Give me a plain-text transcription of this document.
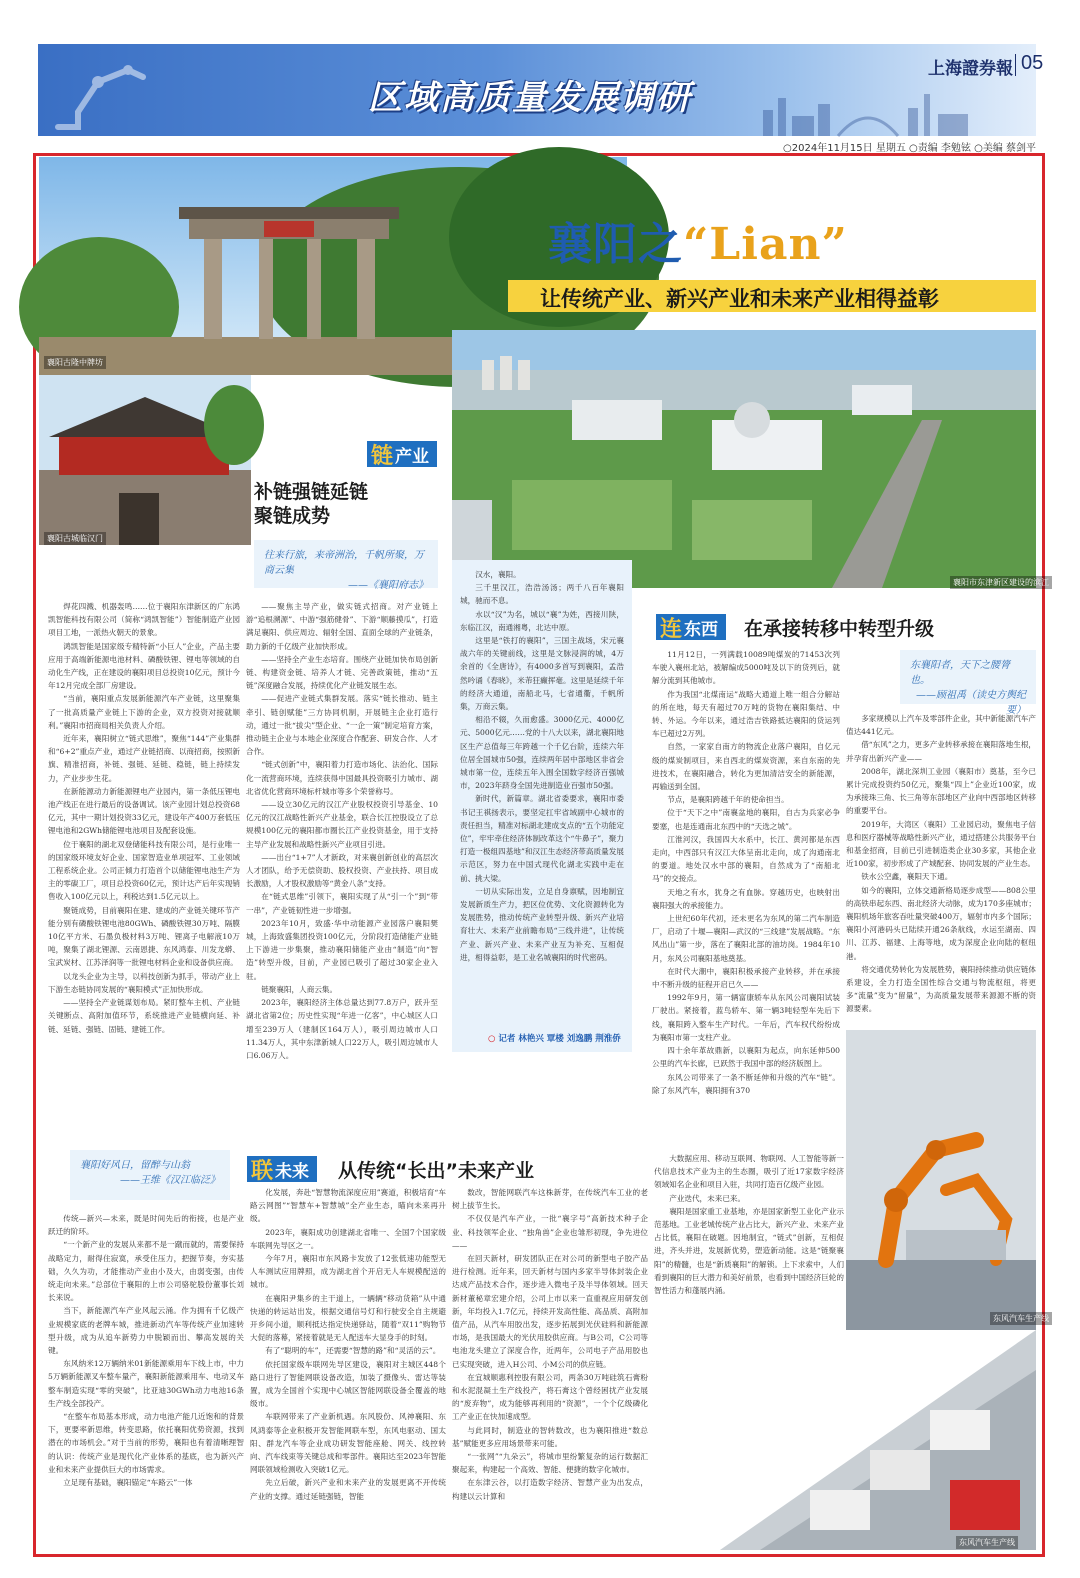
区域高质量发展调研
上海證券報 05
○2024年11月15日 星期五 ○责编 李勉铉 ○美编 蔡剑平
襄阳古隆中牌坊
襄阳古城临汉门
襄阳之“Lian”
让传统产业、新兴产业和未来产业相得益彰
襄阳市东津新区建设的滨江
链 产业
补链强链延链
聚链成势
往来行旅，来帝洲治，千帆所聚，万商云集
——《襄阳府志》

焊花四溅、机器轰鸣……位于襄阳东津新区的广东鸿凯智能科技有限公司（简称“鸿凯智能”）智能制造产业园项目工地，一派热火朝天的景象。

鸿凯智能是国家级专精特新“小巨人”企业，产品主要应用于高端新能源电池材料、磷酸铁锂、锂电等领域的自动化生产线，正在建设的襄阳项目总投资10亿元，预计今年12月完成全部厂房建设。

“当前，襄阳重点发展新能源汽车产业链，这里聚集了一批高质量产业链上下游的企业，双方投资对接就顺利。”襄阳市招商局相关负责人介绍。

近年来，襄阳树立“链式思维”，聚焦“144”产业集群和“6+2”重点产业，通过产业链招商、以商招商，按照新旗、精准招商，补链、强链、延链、稳链，链上持续发力，产业步步生花。

在新能源动力新能源锂电产业园内，第一条低压锂电池产线正在进行最后的设备调试。该产业园计划总投资68亿元，其中一期计划投资33亿元，建设年产400万套低压锂电池和2GWh储能锂电池项目及配套设施。

位于襄阳的湖北双登储能科技有限公司，是行业唯一的国家级环境友好企业、国家智造业单项冠军、工业领域工程系统企业。公司正倾力打造首个以储能锂电池生产为主的零碳工厂，项目总投资60亿元，预计达产后年实现销售收入100亿元以上，利税达到1.5亿元以上。

聚链成势，目前襄阳在建、建成的产业链关键环节产能分别有磷酸铁锂电池80GWh、磷酸铁锂30万吨、隔膜10亿平方米、石墨负极材料3万吨、锂离子电解液10万吨，聚集了湖北锂源、云南恩捷、东风鸿泰、川发龙蟒、宝武炭材、江苏泽润等一批锂电材料企业和设备供应商。

以龙头企业为主导，以科技创新为抓手，带动产业上下游生态链协同发展的“襄阳模式”正加快形成。

——坚持全产业链谋划布局。紧盯整车主机、产业链关键断点、高附加值环节，系统推进产业链横向延、补链、延链、强链、固链、建链工作。

——聚焦主导产业，做实链式招商。对产业链上游“追根溯源”、中游“强筋健骨”、下游“顺藤摸瓜”，打造满足襄阳、供应周边、辐射全国、直面全球的产业链条，助力新的千亿级产业加快形成。

——坚持全产业生态培育。围绕产业链加快布局创新链、构建资金链、培养人才链、完善政策链，推动“五链”深度融合发展，持续优化产业链发展生态。

——促进产业链式集群发展。落实“链长推动、链主牵引、链创赋能”三方协同机制，开展链主企业打造行动，通过一批“拔尖”型企业、“一企一策”制定培育方案，推动链主企业与本地企业深度合作配套、研发合作、人才合作。

“链式创新”中，襄阳着力打造市场化、法治化、国际化一流营商环境，连续获得中国最具投资吸引力城市、湖北省优化营商环境标杆城市等多个荣誉称号。

——设立30亿元的汉江产业股权投资引导基金、10亿元的汉江战略性新兴产业基金，联合长江控股设立了总规模100亿元的襄阳都市圈长江产业投资基金，用于支持主导产业发展和战略性新兴产业项目引进。

——出台“1+7”人才新政，对来襄创新创业的高层次人才团队，给予无偿资助、股权投资、产业扶持、项目成长激励，人才股权激励等“黄金八条”支持。

在“链式思维”引领下，襄阳实现了从“引一个”到“带一串”，产业链韧性进一步增强。

2023年10月，致盛·华中动能源产业园落户襄阳樊城，上海致盛集团投资100亿元，分阶段打造储能产业链上下游进一步集聚，推动襄阳储能产业由“制造”向“智造”转型升级，目前，产业园已吸引了超过30家企业入驻。

链聚襄阳，人商云集。

2023年，襄阳经济主体总量达到77.8万户，跃升至湖北省第2位；历史性实现“年进一亿客”，中心城区人口增至239万人（建制区164万人），吸引周边城市人口11.34万人，其中东津新城人口22万人，吸引周边城市人口6.06万人。

汉水，襄阳。

三千里汉江，浩浩汤汤；两千八百年襄阳城，驰而不息。

水以“汉”为名，城以“襄”为姓，西接川陕，东临江汉，南通湘粤，北达中原。

这里是“铁打的襄阳”，三国主战场，宋元襄战六年的关键前线，这里是文脉浸润的城，4万余首的《全唐诗》，有4000多首写到襄阳，孟浩然吟诵《春晓》，米芾狂癫挥毫。这里是延续千年的经济大通道，南船北马，七省通衢，千帆所集，万商云集。

相沿不辍，久而愈盛。3000亿元、4000亿元、5000亿元……党的十八大以来，湖北襄阳地区生产总值每三年跨越一个千亿台阶，连续六年位居全国城市50强，连续两年居中部地区非省会城市第一位，连续五年入围全国数字经济百强城市，2023年跻身全国先进制造业百强市50强。

新时代，新篇章。湖北省委要求，襄阳市委书记王祺扬表示，要坚定扛牢省域副中心城市的责任担当，精准对标湖北建成支点的“五个功能定位”，牢牢牵住经济体制改革这个“牛鼻子”，聚力打造一极组四基地”和汉江生态经济带高质量发展示范区，努力在中国式现代化湖北实践中走在前、挑大梁。

一切从实际出发，立足自身禀赋，因地制宜发展新质生产力，把区位优势、文化资源转化为发展胜势，推动传统产业转型升级、新兴产业培育壮大、未来产业前瞻布局“三线并进”，让传统产业、新兴产业、未来产业互为补充、互相促进，相得益彰，是工业名城襄阳的时代密码。

○ 记者 林艳兴 覃楼 刘逸鹏 荆淮侨
连 东西	在承接转移中转型升级
东襄阳者，天下之腰膂也。
——顾祖禹（读史方舆纪要）

11月12日，一列满载10089吨煤炭的71453次列车驶入襄州北站，被解编成5000吨及以下的货列后，就解分流到其他城市。

作为我国“北煤南运”战略大通道上唯一组合分解站的所在地，每天有超过70万吨的货物在襄阳集结、中转、外运。今年以来，通过浩吉铁路抵达襄阳的货运列车已超过2万列。

自然，一家家自南方的物流企业落户襄阳，自亿元级的煤炭制项目，来自西北的煤炭资源，来自东南的先进技术，在襄阳融合，转化为更加清洁安全的新能源，再输送到全国。

节点，是襄阳跨越千年的使命担当。

位于“天下之中”南襄盆地的襄阳，自古为兵家必争要塞，也是连通南北东西中的“天选之城”。

江淮河汉，我国四大水系中，长江、黄河都是东西走向，中西部只有汉江大体呈南北走向，成了沟通南北的要道。地处汉水中部的襄阳，自然成为了“南船北马”的交接点。

天地之有水，犹身之有血脉。穿越历史，也映射出襄阳强大的承接能力。

上世纪60年代初，还未更名为东风的第二汽车制造厂，启动了十堰—襄阳—武汉的“三线建”发展战略。“东风出山”第一步，落在了襄阳北部的油坊岗。1984年10月，东风公司襄阳基地奠基。

在时代大潮中，襄阳积极承接产业转移，并在承接中不断升级的征程开启已久——

1992年9月，第一辆富康轿车从东风公司襄阳试装厂驶出。紧接着，蓝鸟轿车、第一辆3吨轻型车先后下线，襄阳跨入整车生产时代。一年后，汽车权代纷纷成为襄阳市第一支柱产业。

四十余年革故鼎新，以襄阳为起点，向东延伸500公里的汽车长廊，已跃然于我国中部的经济版图上。

东风公司带来了一条不断延伸和升级的汽车“链”。除了东风汽车，襄阳拥有370

多家规模以上汽车及零部件企业，其中新能源汽车产值达441亿元。

借“东风”之力，更多产业转移承接在襄阳落地生根，并孕育出新兴产业——

2008年，湖北深圳工业园（襄阳市）奠基，至今已累计完成投资约50亿元，聚集“四上”企业近100家，成为承接珠三角、长三角等东部地区产业向中西部地区转移的重要平台。

2019年，大湾区（襄阳）工业园启动，聚焦电子信息和医疗器械等战略性新兴产业，通过搭建公共服务平台和基金招商，目前已引进制造类企业30多家，其他企业近100家，初步形成了产城配套、协同发展的产业生态。

铁水公空鑫，襄阳天下通。

如今的襄阳，立体交通新格局逐步成型——808公里的高铁串起东西、南北经济大动脉，成为170多座城市；襄阳机场年旅客吞吐量突破400万，辐射市内多个国际；襄阳小河港码头已陆续开通26条航线，水运至湖南、四川、江苏、福建、上海等地，成为深度企业向陆的枢纽港。

将交通优势转化为发展胜势，襄阳持续推动供应链体系建设，全力打造全国性综合交通与物流枢纽，将更多“流量”变为“留量”，为高质量发展带来源源不断的资源要素。

襄阳好风日，留醉与山翁
——王维《汉江临泛》 联 未来	从传统“长出”未来产业

传统—新兴—未来，既是时间先后的衔接，也是产业跃迁的阶环。

“一个新产业的发展从来都不是一蹴而就的，需要保持战略定力，耐得住寂寞，承受住压力，把握节奏，夯实基础，久久为功，才能推动产业由小及大，由弱变强，由传统走向未来。”总部位于襄阳的上市公司骆驼股份董事长刘长来说。

当下，新能源汽车产业风起云涌。作为拥有千亿级产业规模家底的老牌车城，推进新动汽车等传统产业加速转型升级，成为从追车新势力中脱颖而出、攀高发展的关键。

东风纳米12万辆纳米01新能源乘用车下线上市，中力5万辆新能源叉车整车量产，襄阳新能源乘用车、电动叉车整车制造实现“零的突破”，比亚迪30GWh动力电池16条生产线全部投产。

“在整车布局基本形成，动力电池产能几近饱和的背景下，更要率新思维，转变思路，依托襄阳优势资源，找到潜在的市场机会。”对于当前的形势，襄阳也有着清晰理智的认识：传统产业是现代化产业体系的基底，也为新兴产业和未来产业提供巨大的市场需求。

立足现有基础，襄阳锚定“车路云”一体

化发展，奔赴“智慧物流深度应用”赛道，积极培育“车路云网图”“智慧车+智慧城”全产业生态，瞄向未来再升级。

2023年，襄阳成功创建湖北省唯一、全国7个国家级车联网先导区之一。

今年7月，襄阳市东风路卡发放了12张低速功能型无人车测试应用牌照，成为湖北首个开启无人车规模配送的城市。

在襄阳尹集乡的主干道上，一辆辆“移动货箱”从中通快递的转运站出发，根据交通信号灯和行驶安全自主规避开乡间小道，顺利抵达指定快递驿站，随着“双11”购物节大促的落幕，紧接着就是无人配送车大显身手的时刻。

有了“聪明的车”，还需要“智慧的路”和“灵活的云”。

依托国家级车联网先导区建设，襄阳对主城区448个路口进行了智能网联设备改造，加装了摄像头、雷达等装置，成为全国首个实现中心城区智能网联设备全覆盖的地级市。

车联网带来了产业新机遇。东风股份、风神襄阳、东风鸿泰等企业积极开发智能网联车型，东风电驱动、国太阳、群龙汽车等企业成功研发智能座舱、网关、线控转向、汽车线束等关键总成和零部件。襄阳达至2023年智能网联领域检测收入突破1亿元。

先立后破，新兴产业和未来产业的发展更离不开传统产业的支撑。通过延链强链，智能

数改，智能网联汽车这株新芽，在传统汽车工业的老树上拔节生长。

不仅仅是汽车产业，一批“襄字号”高新技术种子企业、科技领军企业、“独角兽”企业也雏形初现，争先进位——

在回天新材，研发团队正在对公司的新型电子胶产品进行检测。近年来，回天新材与国内多家半导体封装企业达成产品技术合作，逐步进入微电子及半导体领域。回天新材董秘章宏建介绍，公司上市以来一直重视应用研发创新，年均投入1.7亿元，持续开发高性能、高品质、高附加值产品，从汽车用胶出发，逐步拓展到光伏硅料和新能源市场，是我国最大的光伏用胶供应商。与B公司，C公司等电池龙头建立了深度合作，近两年，公司电子产品用胶也已实现突破，进入H公司、小M公司的供应链。

在宜城顺惠利控股有限公司，两条30万吨硅筑石膏粉和水泥混凝土生产线投产，将石膏这个曾经困扰产业发展的“废弃物”，成为能够再利用的“资源”，一个个亿级磷化工产业正在快加速成型。

与此同时，制造业的智转数改，也为襄阳推进“数总基”赋能更多应用场景带来可能。

“一张网”“九朵云”，将城市里纷繁复杂的运行数据汇聚起来，构建起一个高效、智能、便捷的数字化城市。

在东津云谷，以打造数字经济、智慧产业为出发点，构建以云计算和

大数据应用、移动互联网、物联网、人工智能等新一代信息技术产业为主的生态圈，吸引了近17家数字经济领域知名企业和项目入驻，共同打造百亿级产业园。

产业迭代，未来已来。

襄阳是国家重工业基地，亦是国家新型工业化产业示范基地。工业老城传统产业占比大，新兴产业、未来产业占比低，襄阳在破题。因地制宜，“链式”创新，互相促进，齐头并进，发展新优势，塑造新动能。这是“链聚襄阳”的精髓，也是“新质襄阳”的解锁。上下求索中，人们看到襄阳的巨大潜力和美好前景，也看到中国经济巨轮的智性活力和蓬展内涌。

东风汽车生产线
东风汽车生产线
